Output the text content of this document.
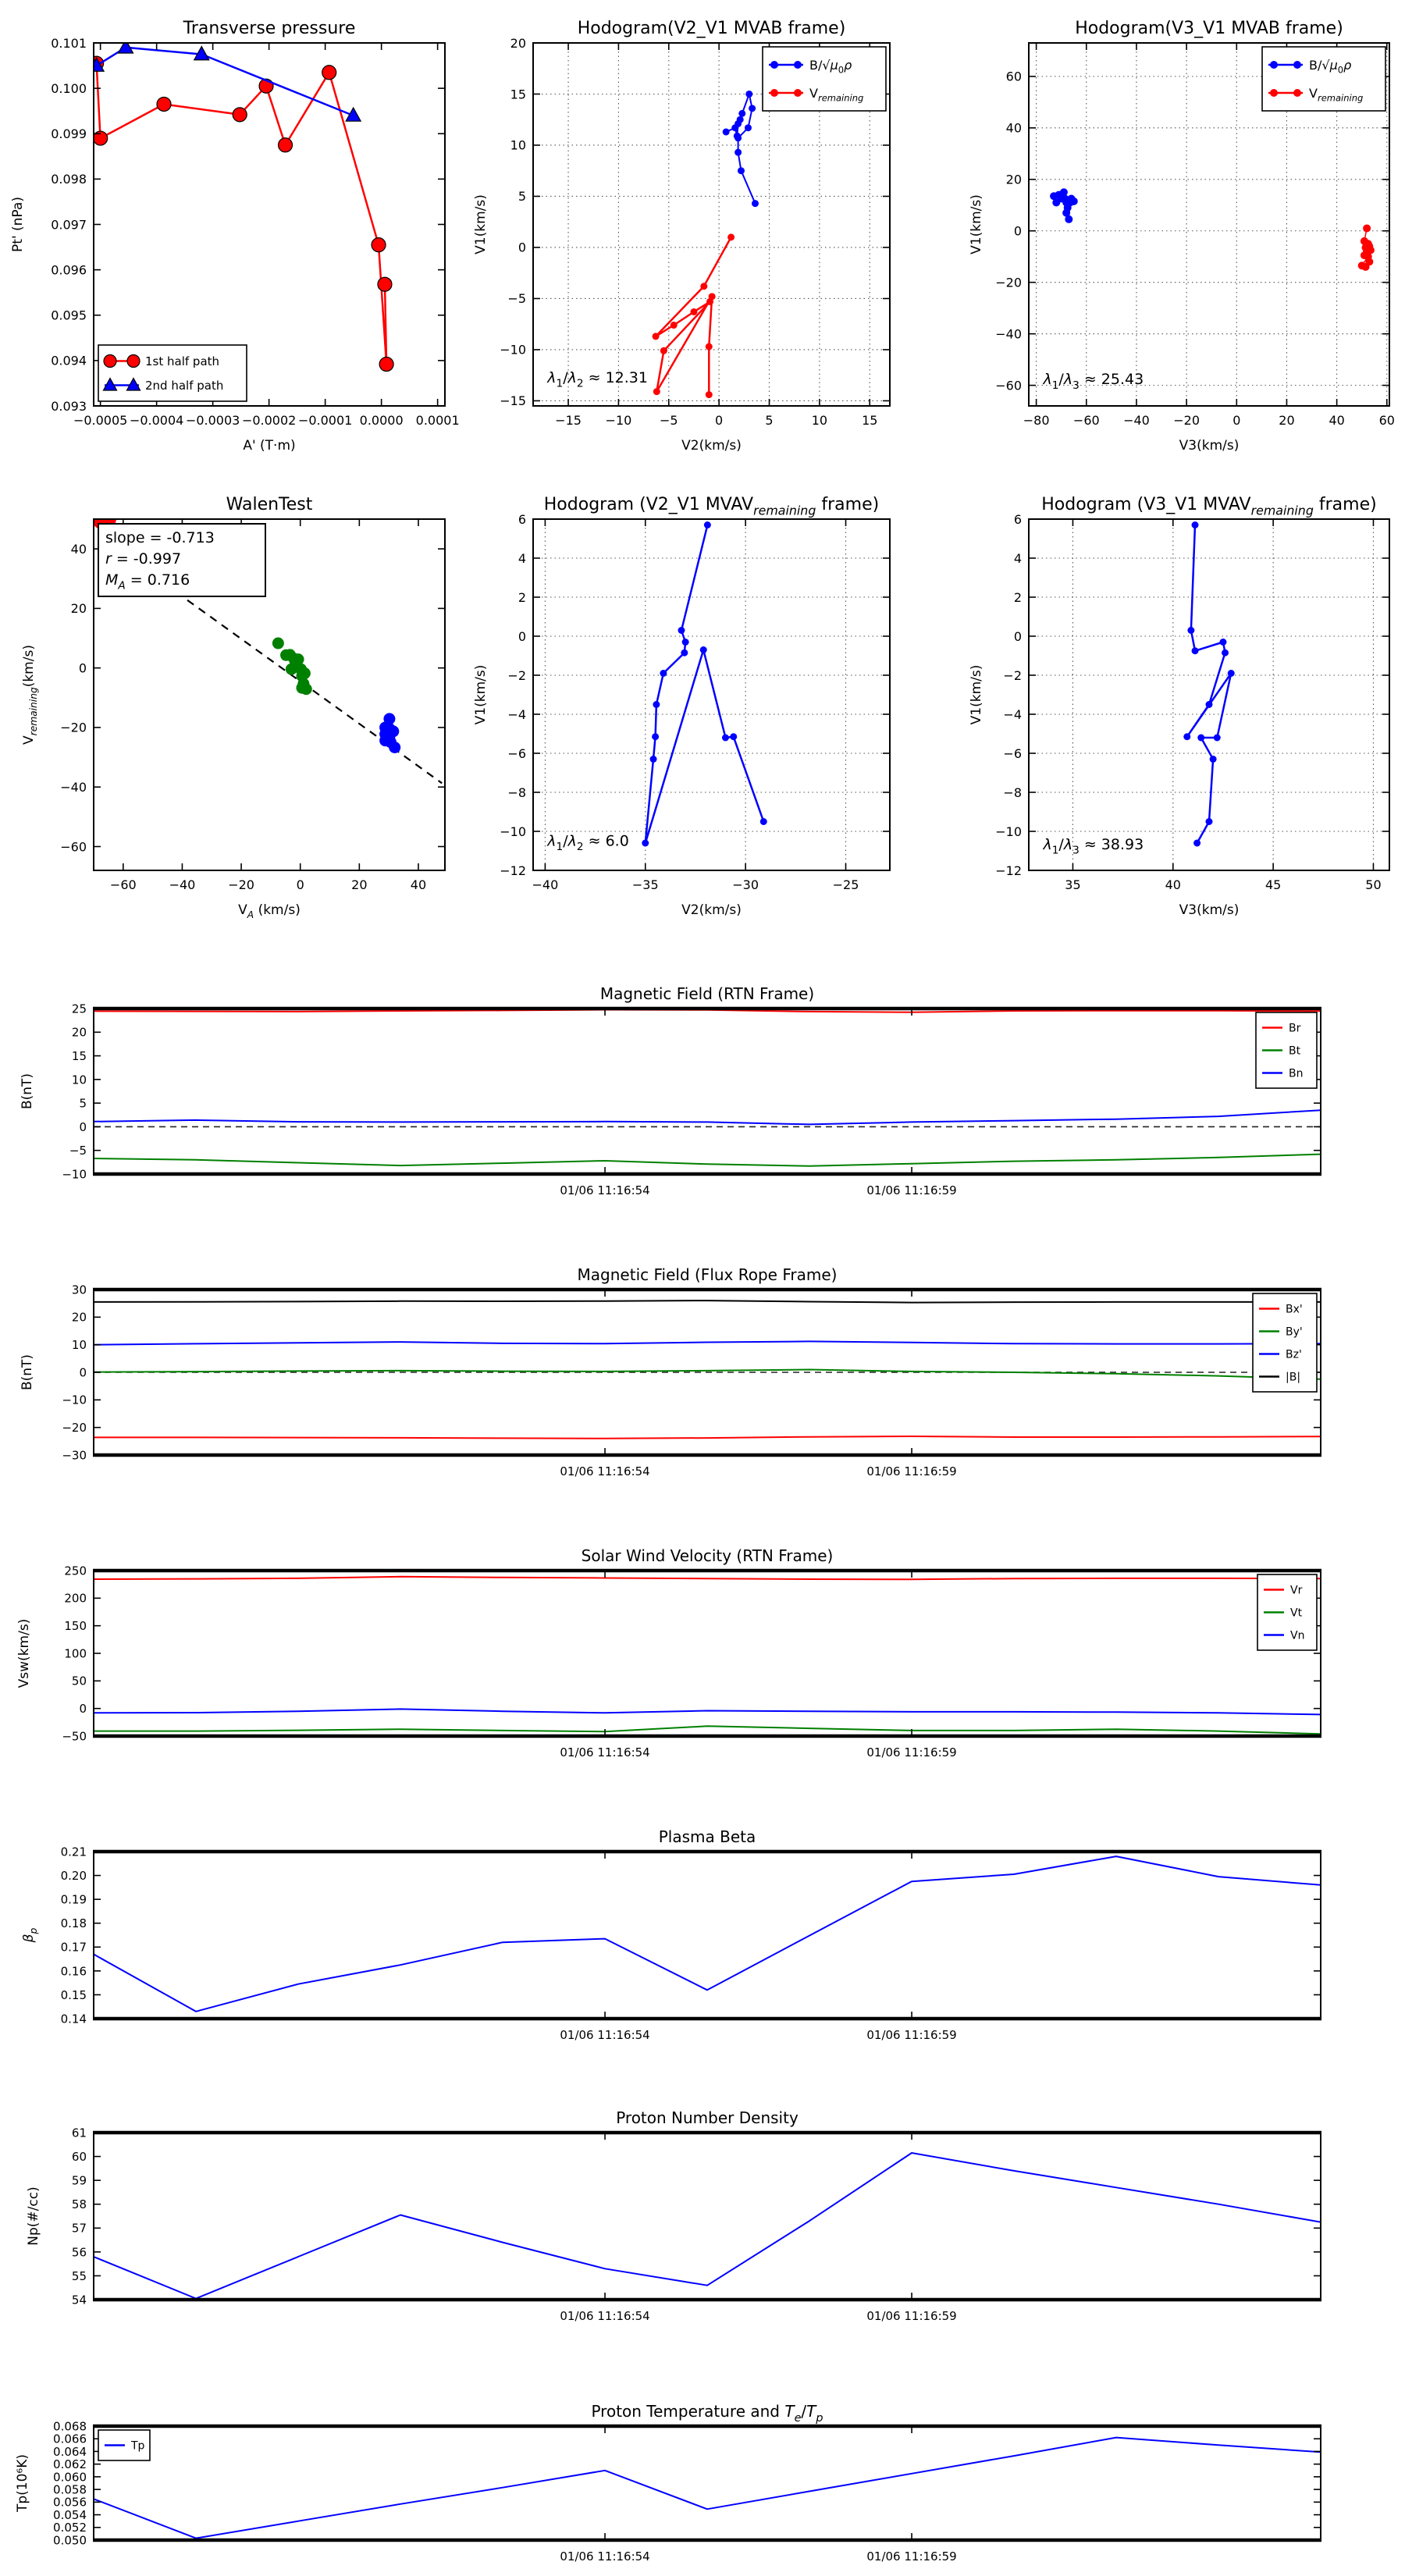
−0.0005 −0.0004 −0.0003 −0.0002 −0.0001 0.0000 0.0001
0.093
0.094
0.095
0.096
0.097
0.098
0.099
0.100
0.101
Transverse pressure
A' (T·m)
Pt' (nPa)
1st half path
2nd half path
−15 −10 −5	0	5	10	15
−15
−10
−5
0
5
10
15
20
Hodogram(V2_V1 MVAB frame)
V2(km/s)
V1(km/s)
$\lambda_1/\lambda_2 \approx 12.31$
$B/√\mu_0\rho$
$V_{remaining}$
−80 −60 −40 −20	0	20	40	60
−60
−40
−20
0
20
40
60
Hodogram(V3_V1 MVAB frame)
V3(km/s)
V1(km/s)
$\lambda_1/\lambda_3 \approx 25.43$
$B/√\mu_0\rho$
$V_{remaining}$
−60	−40	−20	0	20	40
−60
−40
−20
0
20
40
WalenTest
$V_A$ (km/s)
$V_{remaining}(km/s)$
slope = -0.713
r = -0.997
$M_A = 0.716$
−40	−35	−30	−25
−12
−10
−8
−6
−4
−2
0
2
4
6
Hodogram (V2_V1 $MVAV_{remaining}$ frame)
V2(km/s)
V1(km/s)
$\lambda_1/\lambda_2 \approx 6.0$
35	40	45	50
−12
−10
−8
−6
−4
−2
0
2
4
6
Hodogram (V3_V1 $MVAV_{remaining}$ frame)
V3(km/s)
V1(km/s)
$\lambda_1/\lambda_3 \approx 38.93$
01/06 11:16:54	01/06 11:16:59
−10
−5
0
5
10
15
20
25
Magnetic Field (RTN Frame)
B(nT)
Br
Bt
Bn
01/06 11:16:54	01/06 11:16:59
−30
−20
−10
0
10
20
30
Magnetic Field (Flux Rope Frame)
B(nT)
Bx'
By'
Bz'
|B|
01/06 11:16:54	01/06 11:16:59
−50
0
50
100
150
200
250
Solar Wind Velocity (RTN Frame)
Vsw(km/s)
Vr
Vt
Vn
01/06 11:16:54	01/06 11:16:59
0.14
0.15
0.16
0.17
0.18
0.19
0.20
0.21
Plasma Beta
$\beta_p$
01/06 11:16:54	01/06 11:16:59
54
55
56
57
58
59
60
61
Proton Number Density
Np(#/cc)
01/06 11:16:54	01/06 11:16:59
0.050
0.052
0.054
0.056
0.058
0.060
0.062
0.064
0.066
0.068
Proton Temperature and $T_e/T_p$
Tp(10⁶K)
Tp
